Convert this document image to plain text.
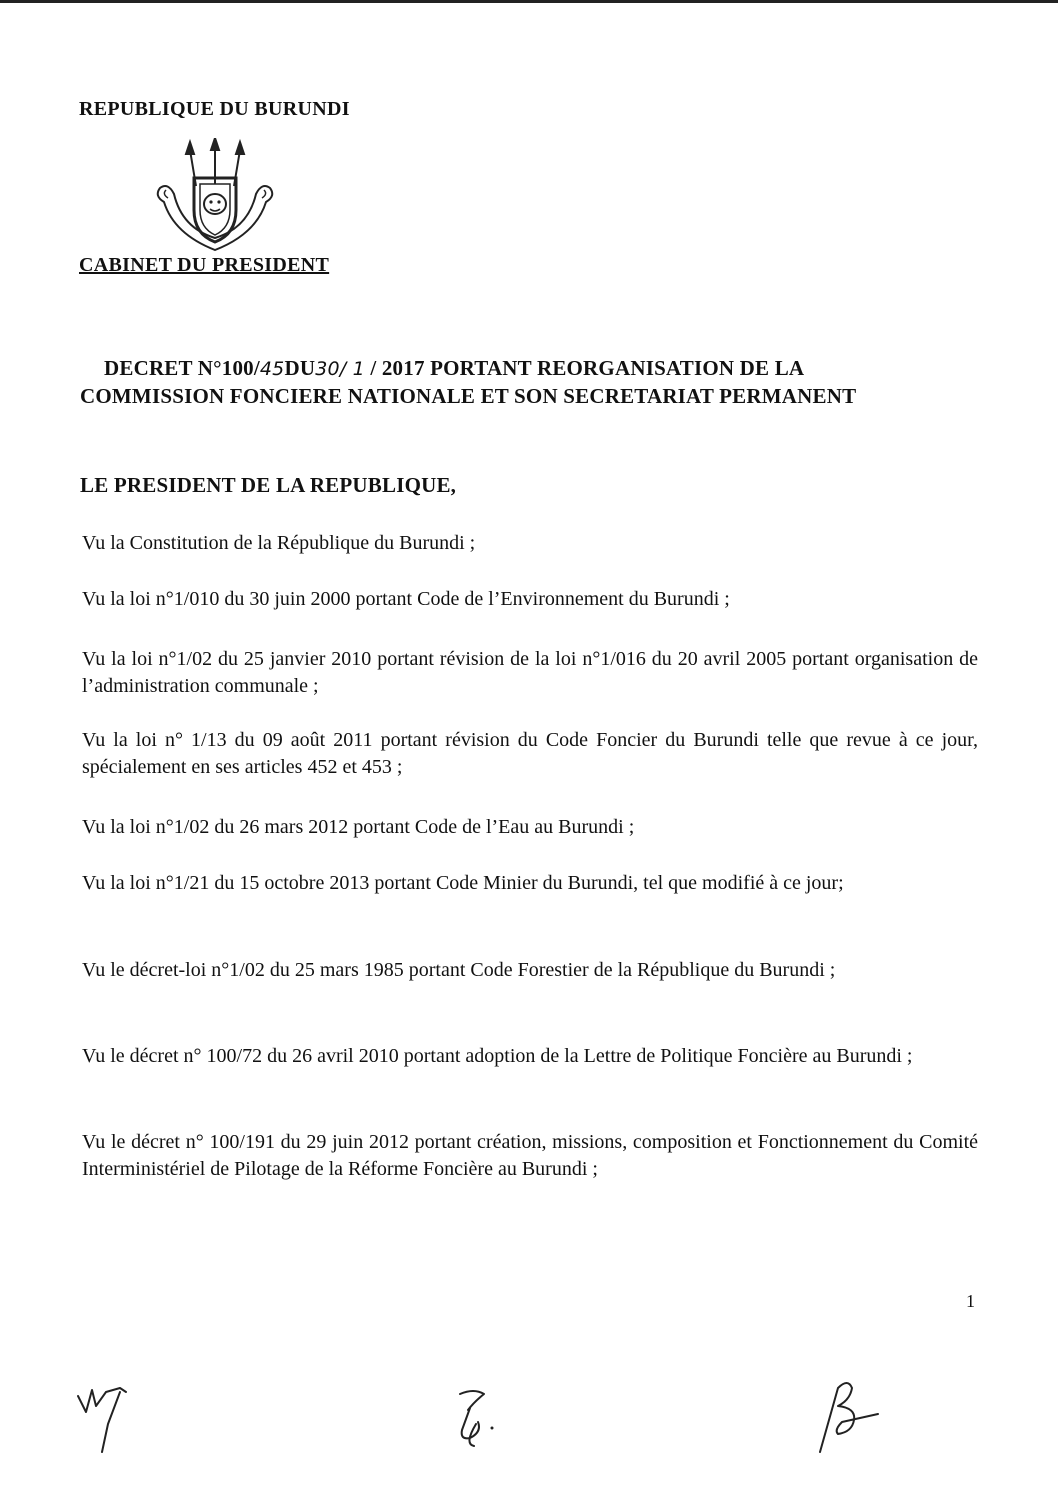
REPUBLIQUE DU BURUNDI
CABINET DU PRESIDENT
DECRET N°100/45DU30/ 1 / 2017 PORTANT REORGANISATION DE LA
COMMISSION FONCIERE NATIONALE ET SON SECRETARIAT PERMANENT
LE PRESIDENT DE LA REPUBLIQUE,
Vu la Constitution de la République du Burundi ;
Vu la loi n°1/010 du 30 juin 2000 portant Code de l’Environnement du Burundi ;
Vu la loi n°1/02 du 25 janvier 2010 portant révision de la loi n°1/016 du 20 avril 2005 portant organisation de l’administration communale ;
Vu la loi n° 1/13 du 09 août 2011 portant révision du Code Foncier du Burundi telle que revue à ce jour, spécialement en ses articles 452 et 453 ;
Vu la loi n°1/02 du 26 mars 2012 portant Code de l’Eau au Burundi ;
Vu la loi n°1/21 du 15 octobre 2013 portant Code Minier du Burundi, tel que modifié à ce jour;
Vu le décret-loi n°1/02 du 25 mars 1985 portant Code Forestier de la République du Burundi ;
Vu le décret n° 100/72 du 26 avril 2010 portant adoption de la Lettre de Politique Foncière au Burundi ;
Vu le décret n° 100/191 du 29 juin 2012 portant création, missions, composition et Fonctionnement du Comité Interministériel de Pilotage de la Réforme Foncière au Burundi ;
1
